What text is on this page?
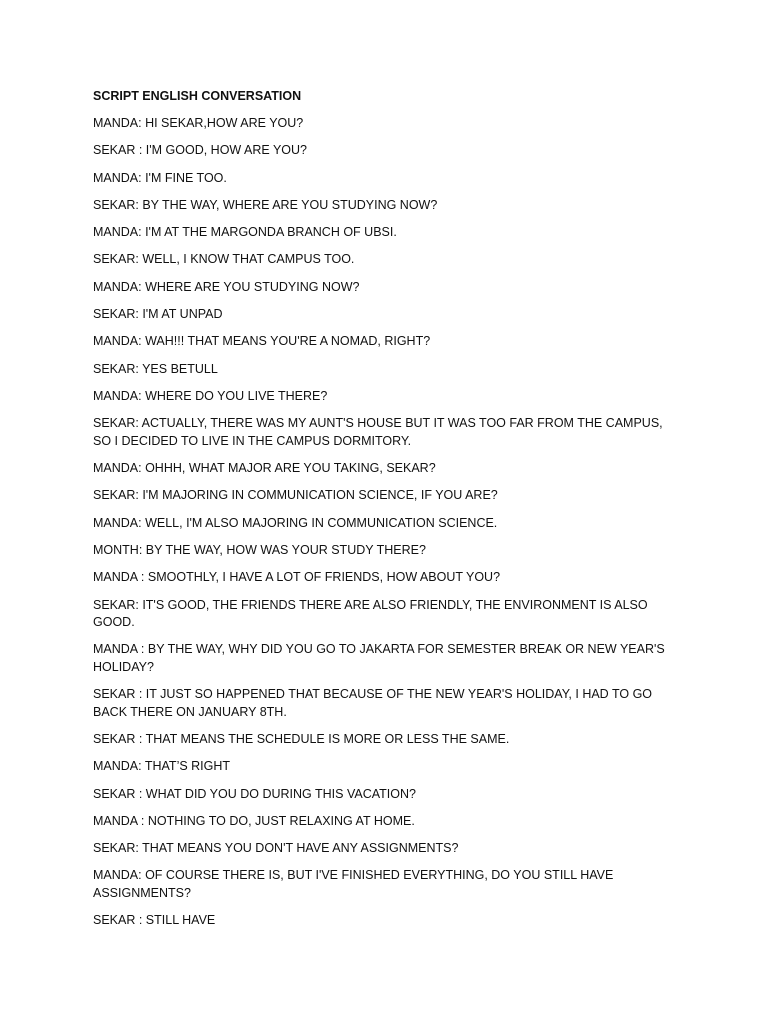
SCRIPT ENGLISH CONVERSATION
MANDA: HI SEKAR,HOW ARE YOU?
SEKAR : I'M GOOD, HOW ARE YOU?
MANDA: I'M FINE TOO.
SEKAR: BY THE WAY, WHERE ARE YOU STUDYING NOW?
MANDA: I'M AT THE MARGONDA BRANCH OF UBSI.
SEKAR: WELL, I KNOW THAT CAMPUS TOO.
MANDA: WHERE ARE YOU STUDYING NOW?
SEKAR: I'M AT UNPAD
MANDA: WAH!!! THAT MEANS YOU'RE A NOMAD, RIGHT?
SEKAR: YES BETULL
MANDA: WHERE DO YOU LIVE THERE?
SEKAR: ACTUALLY, THERE WAS MY AUNT'S HOUSE BUT IT WAS TOO FAR FROM THE CAMPUS, SO I DECIDED TO LIVE IN THE CAMPUS DORMITORY.
MANDA: OHHH, WHAT MAJOR ARE YOU TAKING, SEKAR?
SEKAR: I'M MAJORING IN COMMUNICATION SCIENCE, IF YOU ARE?
MANDA: WELL, I'M ALSO MAJORING IN COMMUNICATION SCIENCE.
MONTH: BY THE WAY, HOW WAS YOUR STUDY THERE?
MANDA : SMOOTHLY, I HAVE A LOT OF FRIENDS, HOW ABOUT YOU?
SEKAR: IT'S GOOD, THE FRIENDS THERE ARE ALSO FRIENDLY, THE ENVIRONMENT IS ALSO GOOD.
MANDA : BY THE WAY, WHY DID YOU GO TO JAKARTA FOR SEMESTER BREAK OR NEW YEAR'S HOLIDAY?
SEKAR : IT JUST SO HAPPENED THAT BECAUSE OF THE NEW YEAR'S HOLIDAY, I HAD TO GO BACK THERE ON JANUARY 8TH.
SEKAR : THAT MEANS THE SCHEDULE IS MORE OR LESS THE SAME.
MANDA: THAT’S RIGHT
SEKAR : WHAT DID YOU DO DURING THIS VACATION?
MANDA : NOTHING TO DO, JUST RELAXING AT HOME.
SEKAR: THAT MEANS YOU DON'T HAVE ANY ASSIGNMENTS?
MANDA: OF COURSE THERE IS, BUT I'VE FINISHED EVERYTHING, DO YOU STILL HAVE ASSIGNMENTS?
SEKAR : STILL HAVE
